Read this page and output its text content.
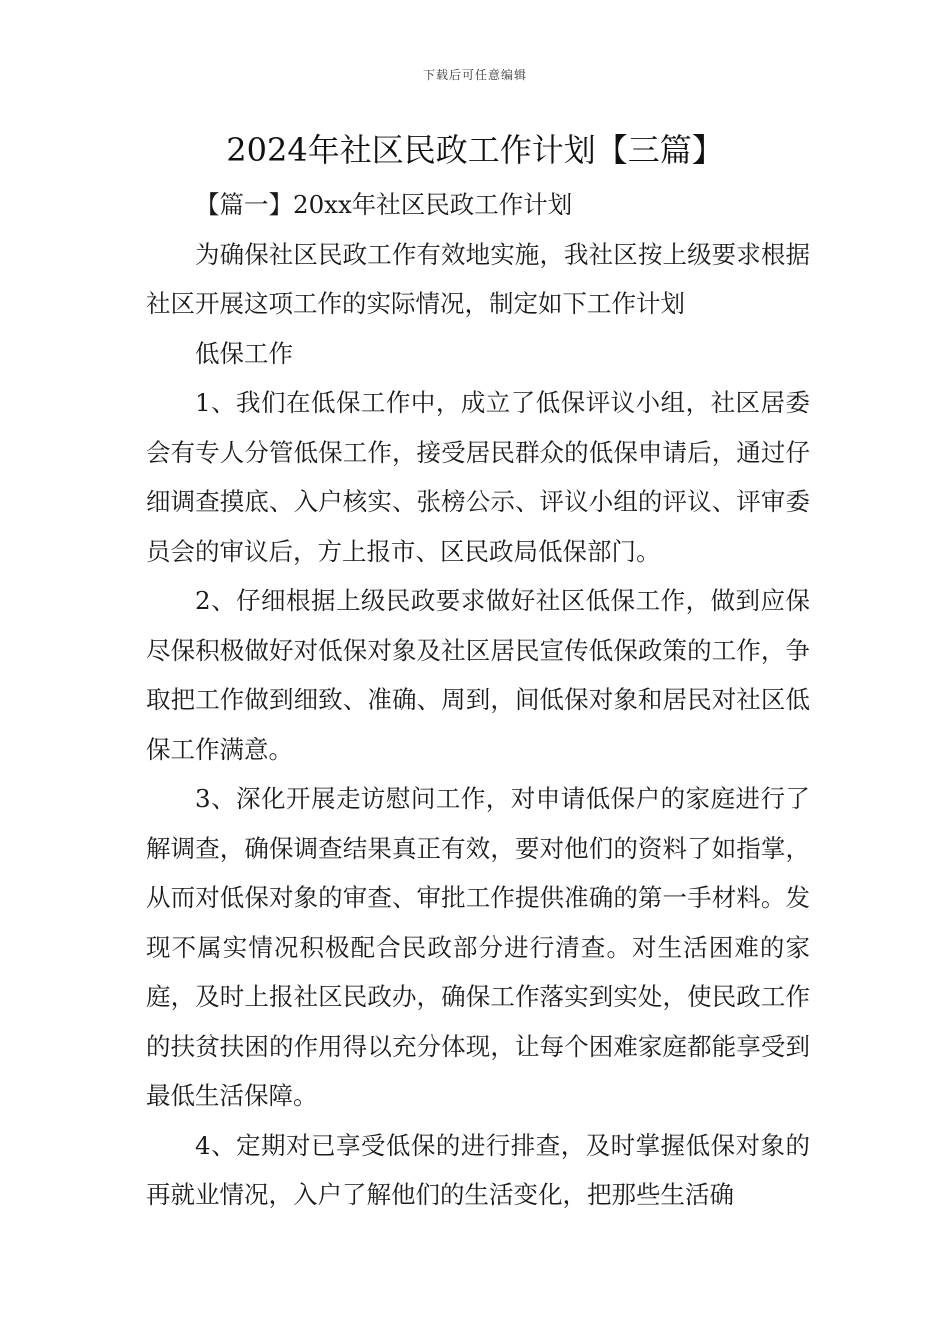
下载后可任意编辑
2024年社区民政工作计划【三篇】

【篇一】20xx年社区民政工作计划

为确保社区民政工作有效地实施，我社区按上级要求根据社区开展这项工作的实际情况，制定如下工作计划

低保工作

1、我们在低保工作中，成立了低保评议小组，社区居委会有专人分管低保工作，接受居民群众的低保申请后，通过仔细调查摸底、入户核实、张榜公示、评议小组的评议、评审委员会的审议后，方上报市、区民政局低保部门。

2、仔细根据上级民政要求做好社区低保工作，做到应保尽保积极做好对低保对象及社区居民宣传低保政策的工作，争取把工作做到细致、准确、周到，间低保对象和居民对社区低保工作满意。

3、深化开展走访慰问工作，对申请低保户的家庭进行了解调查，确保调查结果真正有效，要对他们的资料了如指掌，从而对低保对象的审查、审批工作提供准确的第一手材料。发现不属实情况积极配合民政部分进行清查。对生活困难的家庭，及时上报社区民政办，确保工作落实到实处，使民政工作的扶贫扶困的作用得以充分体现，让每个困难家庭都能享受到最低生活保障。

4、定期对已享受低保的进行排查，及时掌握低保对象的再就业情况，入户了解他们的生活变化，把那些生活确
